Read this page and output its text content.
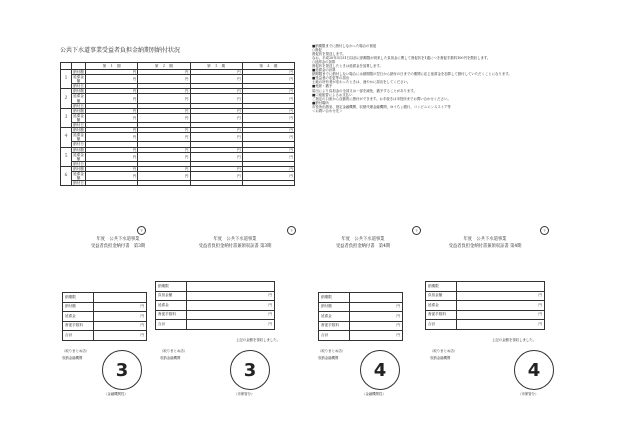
公共下水道事業受益者負担金納期別納付状況
		第　１　期	第　２　期	第　３　期	第　４　期
１	納付額	円	円	円	円
	延滞金額	円	円	円	円
	納付日				
２	納付額	円	円	円	円
	延滞金額	円	円	円	円
	納付日				
３	納付額	円	円	円	円
	延滞金額	円	円	円	円
	納付日				
４	納付額	円	円	円	円
	延滞金額	円	円	円	円
	納付日				
５	納付額	円	円	円	円
	延滞金額	円	円	円	円
	納付日				
６	納付額	円	円	円	円
	延滞金額	円	円	円	円
	納付日				

■納期限までに納付しなかった場合の督促

○督促

督促状を発送します。

なお、平成20年3月31日以前に納期限が到来した負担金に関して督促状を1通につき督促手数料100円を徴収します。

○延滞金の加算

督促状を発送したときは延滞金を加算します。

■延滞金の計算

納期限までに納付しない場合には納期限の翌日から納付の日までの期間に応じ延滞金を加算して納付していただくことになります。

■受益者の変更等の届出

土地の所有者が変わったときは、速やかに届出をしてください。

■免除・猶予

届出により負担金の全部又は一部を減免、猶予することがあります。

■口座振替によるお支払い

ご指定の口座から自動的に納付ができます。お手続きは市役所までお問い合わせください。

■納付場所

市役所出納室、指定金融機関、収納代理金融機関、ゆうちょ銀行、コンビニエンスストア等

＜お問い合わせ先＞

?	?	?	?
年度　公共下水道事業
受益者負担金納付書　第3期
年度　公共下水道事業
受益者負担金納付書兼領収証書 第3期
納期限	
納付額	円
延滞金	円
督促手数料	円
合計	円
納期限	
負担金額	円
延滞金	円
督促手数料	円
合計	円
上記の金額を領収しました。
（取りまとめ店）
収納金融機関
（取りまとめ店）
収納金融機関
3	3
（金融機関控）	（市保管分）
年度　公共下水道事業
受益者負担金納付書　第4期
年度　公共下水道事業
受益者負担金納付書兼領収証書 第4期
納期限	
納付額	円
延滞金	円
督促手数料	円
合計	円
納期限	
負担金額	円
延滞金	円
督促手数料	円
合計	円
上記の金額を領収しました。
（取りまとめ店）
収納金融機関
（取りまとめ店）
収納金融機関
4	4
（金融機関控）	（市保管分）
